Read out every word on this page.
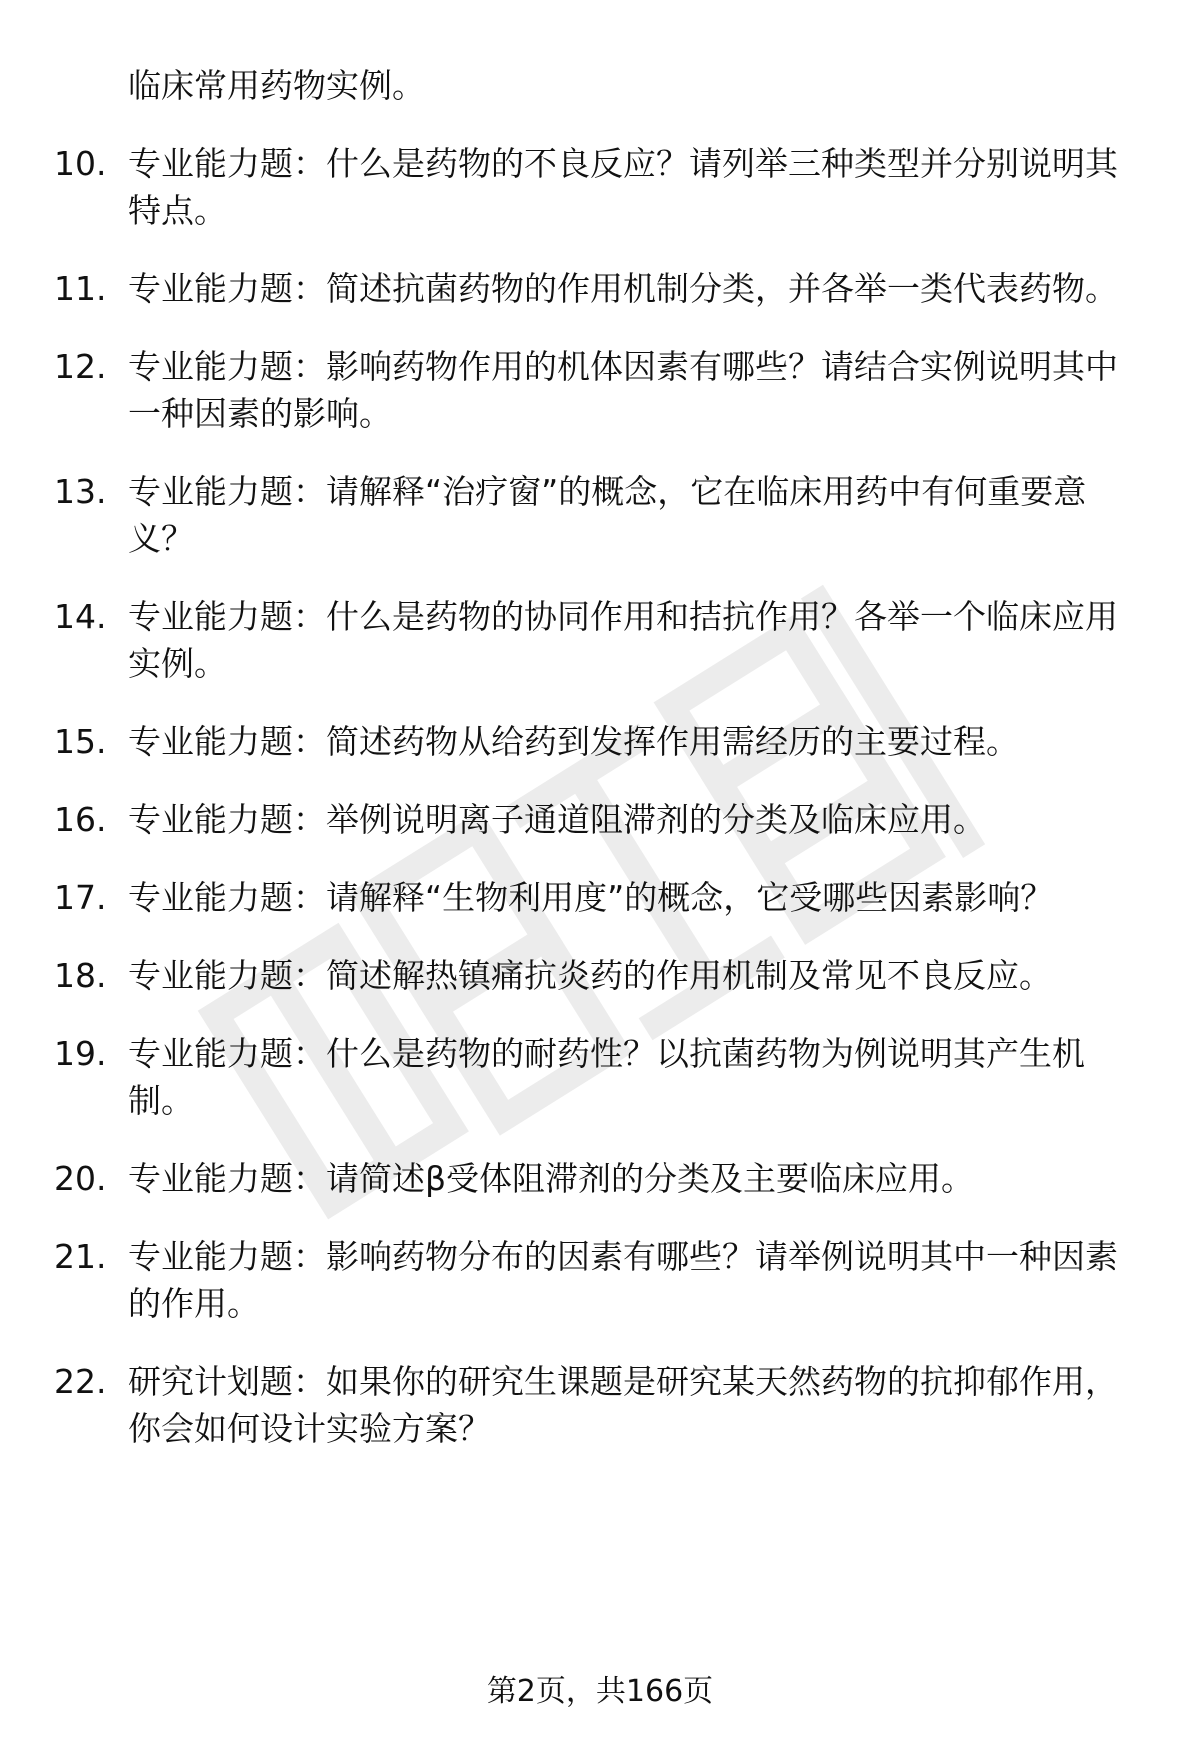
临床常用药物实例。
10. 专业能力题：什么是药物的不良反应？请列举三种类型并分别说明其特点。
11. 专业能力题：简述抗菌药物的作用机制分类，并各举一类代表药物。
12. 专业能力题：影响药物作用的机体因素有哪些？请结合实例说明其中一种因素的影响。
13. 专业能力题：请解释“治疗窗”的概念，它在临床用药中有何重要意义？
14. 专业能力题：什么是药物的协同作用和拮抗作用？各举一个临床应用实例。
15. 专业能力题：简述药物从给药到发挥作用需经历的主要过程。
16. 专业能力题：举例说明离子通道阻滞剂的分类及临床应用。
17. 专业能力题：请解释“生物利用度”的概念，它受哪些因素影响？
18. 专业能力题：简述解热镇痛抗炎药的作用机制及常见不良反应。
19. 专业能力题：什么是药物的耐药性？以抗菌药物为例说明其产生机制。
20. 专业能力题：请简述β受体阻滞剂的分类及主要临床应用。
21. 专业能力题：影响药物分布的因素有哪些？请举例说明其中一种因素的作用。
22. 研究计划题：如果你的研究生课题是研究某天然药物的抗抑郁作用，你会如何设计实验方案？
第2页，共166页
